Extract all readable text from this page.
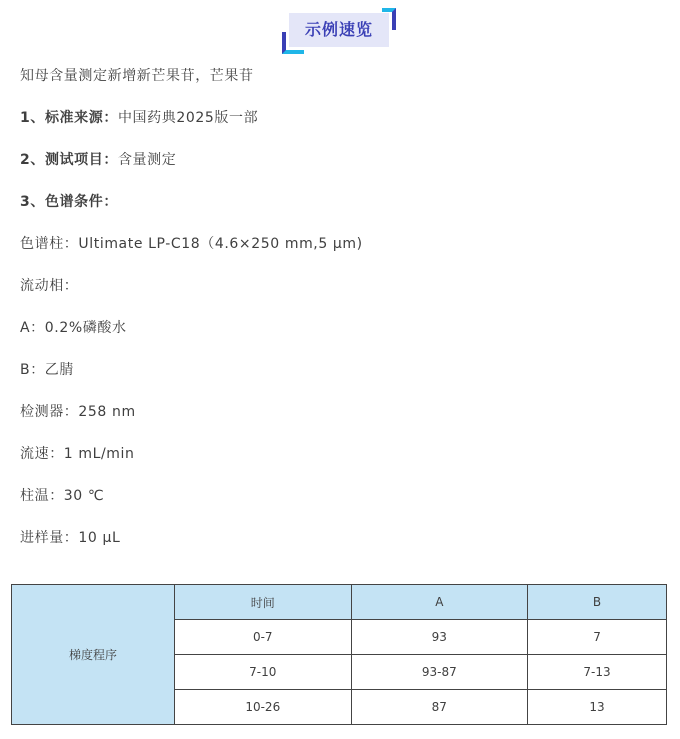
示例速览
知母含量测定新增新芒果苷，芒果苷
1、标准来源：中国药典2025版一部
2、测试项目：含量测定
3、色谱条件：
色谱柱：Ultimate LP-C18（4.6×250 mm,5 μm)
流动相：
A：0.2%磷酸水
B：乙腈
检测器：258 nm
流速：1 mL/min
柱温：30 ℃
进样量：10 μL
梯度程序	时间	A	B
	0-7	93	7
	7-10	93-87	7-13
	10-26	87	13
